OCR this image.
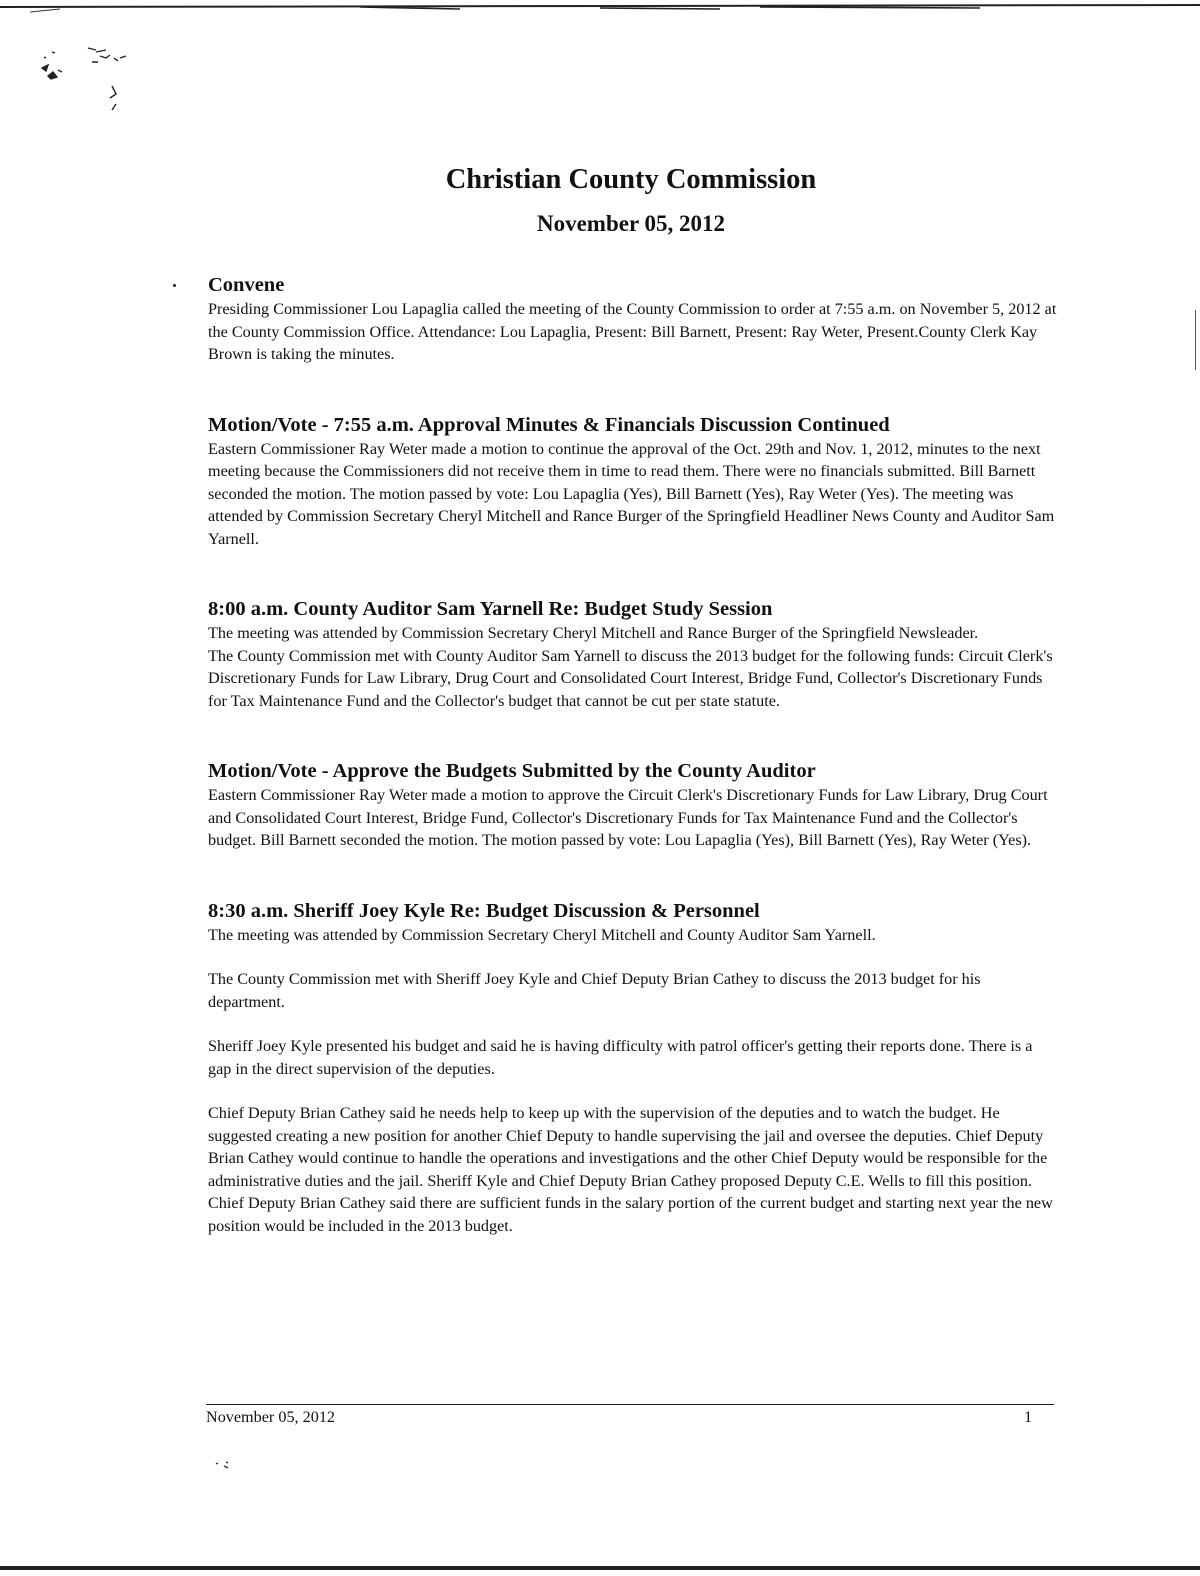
Christian County Commission
November 05, 2012
Convene

Presiding Commissioner Lou Lapaglia called the meeting of the County Commission to order at 7:55 a.m. on November 5, 2012 at the County Commission Office. Attendance: Lou Lapaglia, Present: Bill Barnett, Present: Ray Weter, Present.County Clerk Kay Brown is taking the minutes.

Motion/Vote - 7:55 a.m. Approval Minutes & Financials Discussion Continued

Eastern Commissioner Ray Weter made a motion to continue the approval of the Oct. 29th and Nov. 1, 2012, minutes to the next meeting because the Commissioners did not receive them in time to read them. There were no financials submitted. Bill Barnett seconded the motion. The motion passed by vote: Lou Lapaglia (Yes), Bill Barnett (Yes), Ray Weter (Yes). The meeting was attended by Commission Secretary Cheryl Mitchell and Rance Burger of the Springfield Headliner News County and Auditor Sam Yarnell.

8:00 a.m. County Auditor Sam Yarnell Re: Budget Study Session

The meeting was attended by Commission Secretary Cheryl Mitchell and Rance Burger of the Springfield Newsleader.

The County Commission met with County Auditor Sam Yarnell to discuss the 2013 budget for the following funds: Circuit Clerk's Discretionary Funds for Law Library, Drug Court and Consolidated Court Interest, Bridge Fund, Collector's Discretionary Funds for Tax Maintenance Fund and the Collector's budget that cannot be cut per state statute.

Motion/Vote - Approve the Budgets Submitted by the County Auditor

Eastern Commissioner Ray Weter made a motion to approve the Circuit Clerk's Discretionary Funds for Law Library, Drug Court and Consolidated Court Interest, Bridge Fund, Collector's Discretionary Funds for Tax Maintenance Fund and the Collector's budget. Bill Barnett seconded the motion. The motion passed by vote: Lou Lapaglia (Yes), Bill Barnett (Yes), Ray Weter (Yes).

8:30 a.m. Sheriff Joey Kyle Re: Budget Discussion & Personnel

The meeting was attended by Commission Secretary Cheryl Mitchell and County Auditor Sam Yarnell.

The County Commission met with Sheriff Joey Kyle and Chief Deputy Brian Cathey to discuss the 2013 budget for his department.

Sheriff Joey Kyle presented his budget and said he is having difficulty with patrol officer's getting their reports done. There is a gap in the direct supervision of the deputies.

Chief Deputy Brian Cathey said he needs help to keep up with the supervision of the deputies and to watch the budget. He suggested creating a new position for another Chief Deputy to handle supervising the jail and oversee the deputies. Chief Deputy Brian Cathey would continue to handle the operations and investigations and the other Chief Deputy would be responsible for the administrative duties and the jail. Sheriff Kyle and Chief Deputy Brian Cathey proposed Deputy C.E. Wells to fill this position. Chief Deputy Brian Cathey said there are sufficient funds in the salary portion of the current budget and starting next year the new position would be included in the 2013 budget.

November 05, 2012	1
